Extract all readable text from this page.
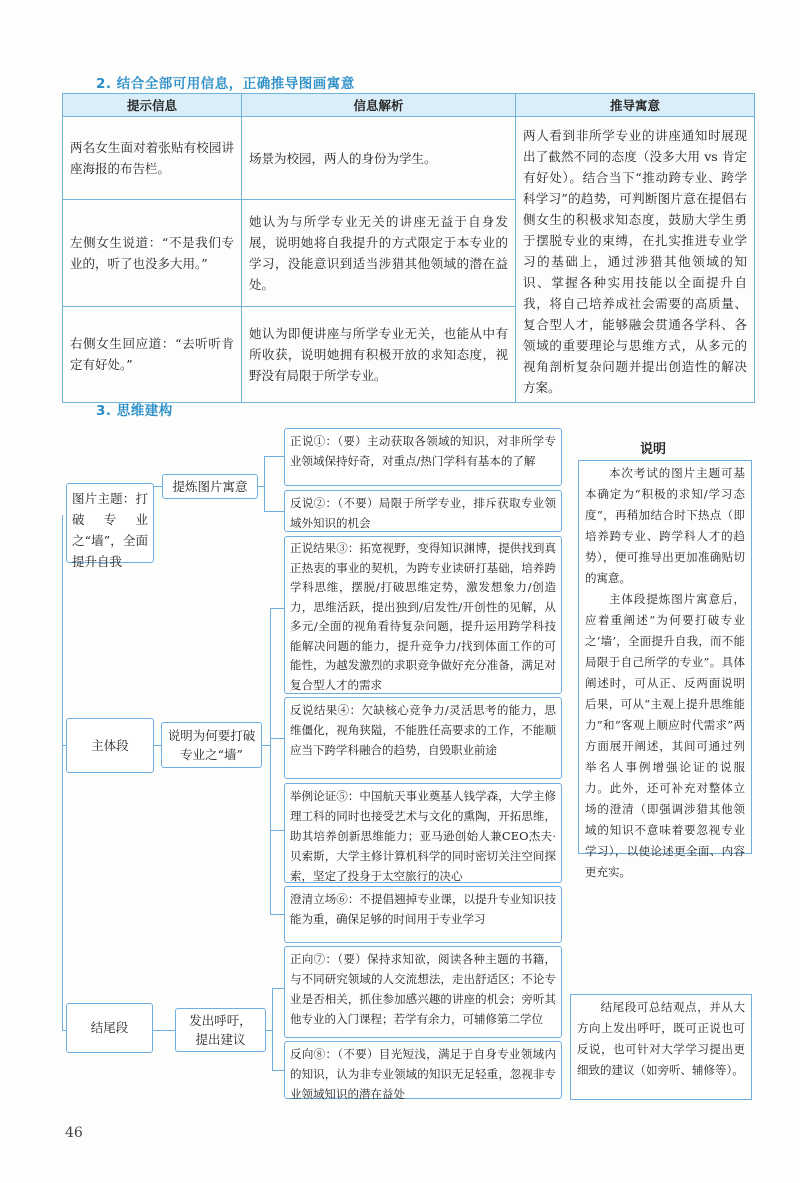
2. 结合全部可用信息，正确推导图画寓意
提示信息	信息解析	推导寓意
两名女生面对着张贴有校园讲座海报的布告栏。	场景为校园，两人的身份为学生。	两人看到非所学专业的讲座通知时展现出了截然不同的态度（没多大用 vs 肯定有好处）。结合当下“推动跨专业、跨学科学习”的趋势，可判断图片意在提倡右侧女生的积极求知态度，鼓励大学生勇于摆脱专业的束缚，在扎实推进专业学习的基础上，通过涉猎其他领域的知识、掌握各种实用技能以全面提升自我，将自己培养成社会需要的高质量、复合型人才，能够融会贯通各学科、各领域的重要理论与思维方式，从多元的视角剖析复杂问题并提出创造性的解决方案。
左侧女生说道：“不是我们专业的，听了也没多大用。”	她认为与所学专业无关的讲座无益于自身发展，说明她将自我提升的方式限定于本专业的学习，没能意识到适当涉猎其他领域的潜在益处。	
右侧女生回应道：“去听听肯定有好处。”	她认为即便讲座与所学专业无关，也能从中有所收获，说明她拥有积极开放的求知态度，视野没有局限于所学专业。	
3. 思维建构
图片主题：打破专业之“墙”，全面提升自我
主体段
结尾段
提炼图片寓意
说明为何要打破专业之“墙”
发出呼吁，提出建议
正说①：（要）主动获取各领域的知识，对非所学专业领域保持好奇，对重点/热门学科有基本的了解
反说②：（不要）局限于所学专业，排斥获取专业领域外知识的机会
正说结果③：拓宽视野，变得知识渊博，提供找到真正热衷的事业的契机，为跨专业读研打基础，培养跨学科思维，摆脱/打破思维定势，激发想象力/创造力，思维活跃，提出独到/启发性/开创性的见解，从多元/全面的视角看待复杂问题，提升运用跨学科技能解决问题的能力，提升竞争力/找到体面工作的可能性，为越发激烈的求职竞争做好充分准备，满足对复合型人才的需求
反说结果④：欠缺核心竞争力/灵活思考的能力，思维僵化，视角狭隘，不能胜任高要求的工作，不能顺应当下跨学科融合的趋势，自毁职业前途
举例论证⑤：中国航天事业奠基人钱学森，大学主修理工科的同时也接受艺术与文化的熏陶，开拓思维，助其培养创新思维能力；亚马逊创始人兼CEO杰夫·贝索斯，大学主修计算机科学的同时密切关注空间探索，坚定了投身于太空旅行的决心
澄清立场⑥：不提倡翘掉专业课，以提升专业知识技能为重，确保足够的时间用于专业学习
正向⑦：（要）保持求知欲，阅读各种主题的书籍，与不同研究领域的人交流想法，走出舒适区；不论专业是否相关，抓住参加感兴趣的讲座的机会；旁听其他专业的入门课程；若学有余力，可辅修第二学位
反向⑧：（不要）目光短浅，满足于自身专业领域内的知识，认为非专业领域的知识无足轻重，忽视非专业领域知识的潜在益处
说明
本次考试的图片主题可基本确定为“积极的求知/学习态度”，再稍加结合时下热点（即培养跨专业、跨学科人才的趋势），便可推导出更加准确贴切的寓意。
主体段提炼图片寓意后，应着重阐述“为何要打破专业之‘墙’，全面提升自我，而不能局限于自己所学的专业”。具体阐述时，可从正、反两面说明后果，可从“主观上提升思维能力”和“客观上顺应时代需求”两方面展开阐述，其间可通过列举名人事例增强论证的说服力。此外，还可补充对整体立场的澄清（即强调涉猎其他领域的知识不意味着要忽视专业学习），以使论述更全面、内容更充实。
结尾段可总结观点，并从大方向上发出呼吁，既可正说也可反说，也可针对大学学习提出更细致的建议（如旁听、辅修等）。
46
